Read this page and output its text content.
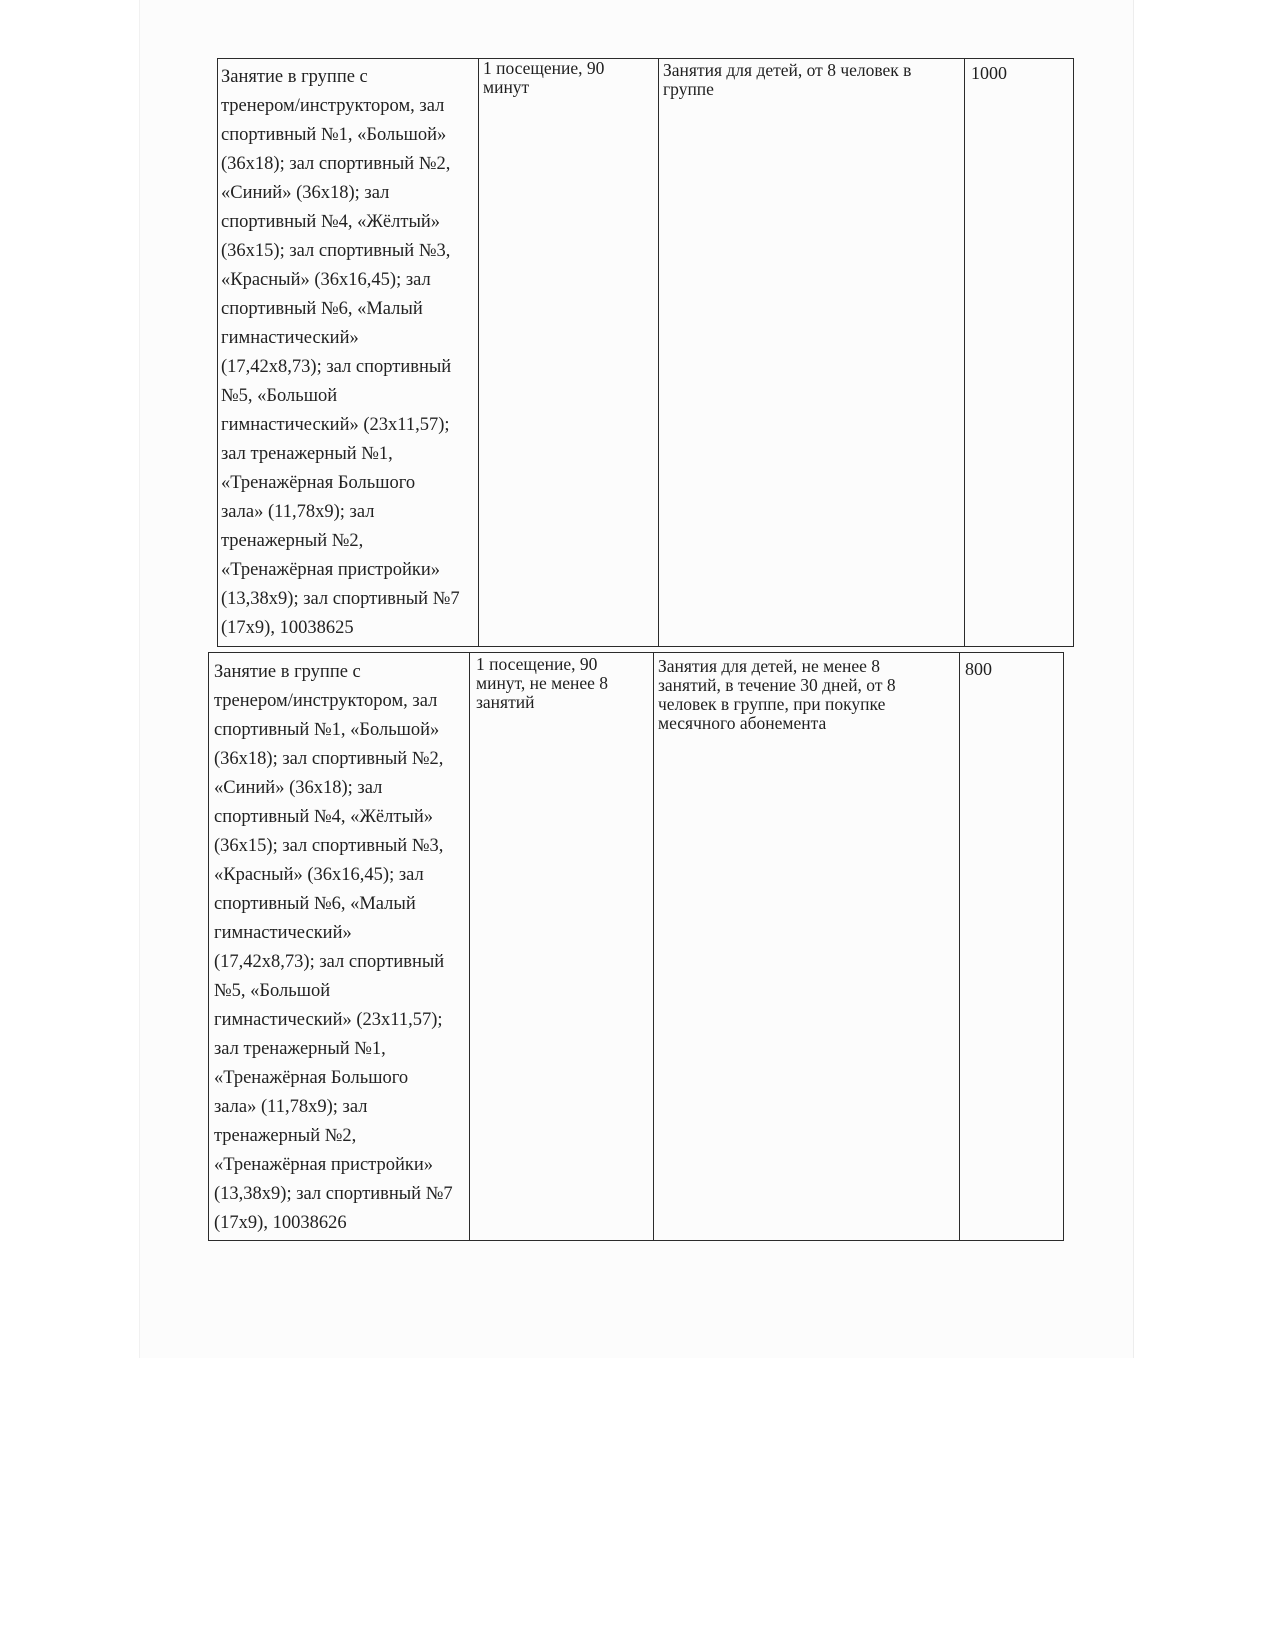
Занятие в группе с
тренером/инструктором, зал
спортивный №1, «Большой»
(36x18); зал спортивный №2,
«Синий» (36x18); зал
спортивный №4, «Жёлтый»
(36x15); зал спортивный №3,
«Красный» (36x16,45); зал
спортивный №6, «Малый
гимнастический»
(17,42x8,73); зал спортивный
№5, «Большой
гимнастический» (23x11,57);
зал тренажерный №1,
«Тренажёрная Большого
зала» (11,78x9); зал
тренажерный №2,
«Тренажёрная пристройки»
(13,38x9); зал спортивный №7
(17x9), 10038625
1 посещение, 90
минут
Занятия для детей, от 8 человек в
группе
1000
Занятие в группе с
тренером/инструктором, зал
спортивный №1, «Большой»
(36x18); зал спортивный №2,
«Синий» (36x18); зал
спортивный №4, «Жёлтый»
(36x15); зал спортивный №3,
«Красный» (36x16,45); зал
спортивный №6, «Малый
гимнастический»
(17,42x8,73); зал спортивный
№5, «Большой
гимнастический» (23x11,57);
зал тренажерный №1,
«Тренажёрная Большого
зала» (11,78x9); зал
тренажерный №2,
«Тренажёрная пристройки»
(13,38x9); зал спортивный №7
(17x9), 10038626
1 посещение, 90
минут, не менее 8
занятий
Занятия для детей, не менее 8
занятий, в течение 30 дней, от 8
человек в группе, при покупке
месячного абонемента
800
